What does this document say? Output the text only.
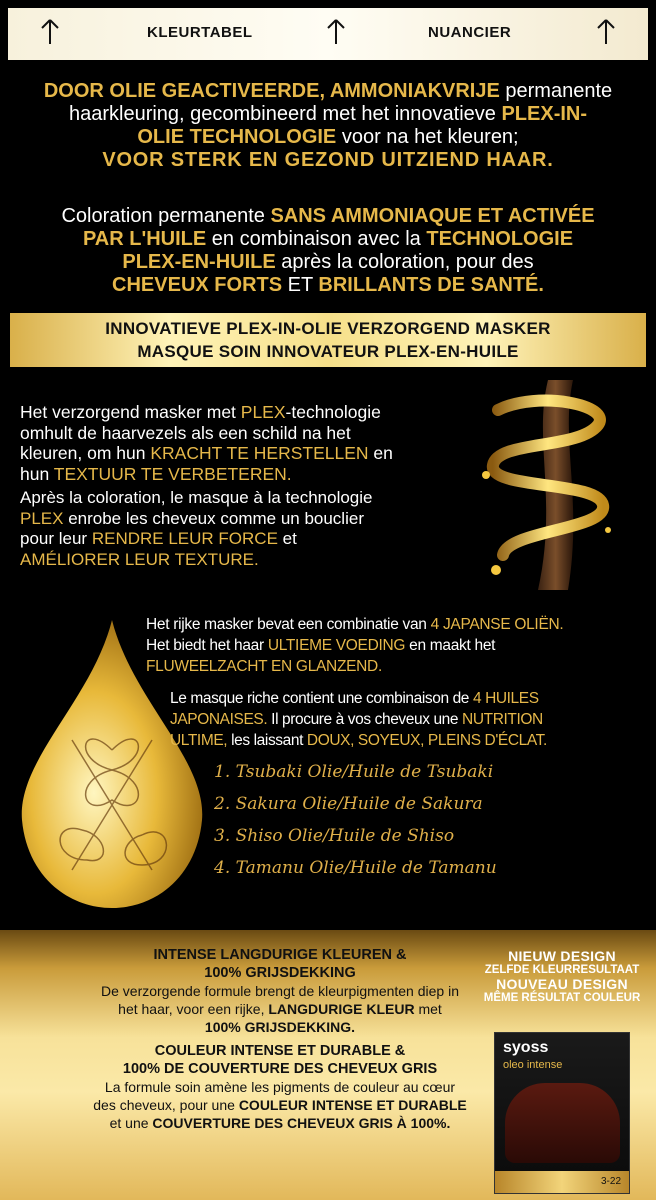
KLEURTABEL	NUANCIER
DOOR OLIE GEACTIVEERDE, AMMONIAKVRIJE permanente
haarkleuring, gecombineerd met het innovatieve PLEX-IN-
OLIE TECHNOLOGIE voor na het kleuren;
VOOR STERK EN GEZOND UITZIEND HAAR.
Coloration permanente SANS AMMONIAQUE ET ACTIVÉE
PAR L'HUILE en combinaison avec la TECHNOLOGIE
PLEX-EN-HUILE après la coloration, pour des
CHEVEUX FORTS ET BRILLANTS DE SANTÉ.
INNOVATIEVE PLEX-IN-OLIE VERZORGEND MASKER
MASQUE SOIN INNOVATEUR PLEX-EN-HUILE
Het verzorgend masker met PLEX-technologie
omhult de haarvezels als een schild na het
kleuren, om hun KRACHT TE HERSTELLEN en
hun TEXTUUR TE VERBETEREN.
Après la coloration, le masque à la technologie
PLEX enrobe les cheveux comme un bouclier
pour leur RENDRE LEUR FORCE et
AMÉLIORER LEUR TEXTURE.
Het rijke masker bevat een combinatie van 4 JAPANSE OLIËN.
Het biedt het haar ULTIEME VOEDING en maakt het
FLUWEELZACHT EN GLANZEND.
Le masque riche contient une combinaison de 4 HUILES
JAPONAISES. Il procure à vos cheveux une NUTRITION
ULTIME, les laissant DOUX, SOYEUX, PLEINS D'ÉCLAT.
1. Tsubaki Olie/Huile de Tsubaki
2. Sakura Olie/Huile de Sakura
3. Shiso Olie/Huile de Shiso
4. Tamanu Olie/Huile de Tamanu
INTENSE LANGDURIGE KLEUREN &
100% GRIJSDEKKING
De verzorgende formule brengt de kleurpigmenten diep in
het haar, voor een rijke, LANGDURIGE KLEUR met
100% GRIJSDEKKING.
COULEUR INTENSE ET DURABLE &
100% DE COUVERTURE DES CHEVEUX GRIS
La formule soin amène les pigments de couleur au cœur
des cheveux, pour une COULEUR INTENSE ET DURABLE
et une COUVERTURE DES CHEVEUX GRIS À 100%.
NIEUW DESIGN
ZELFDE KLEURRESULTAAT
NOUVEAU DESIGN
MÊME RÉSULTAT COULEUR
syoss
oleo intense
3-22
